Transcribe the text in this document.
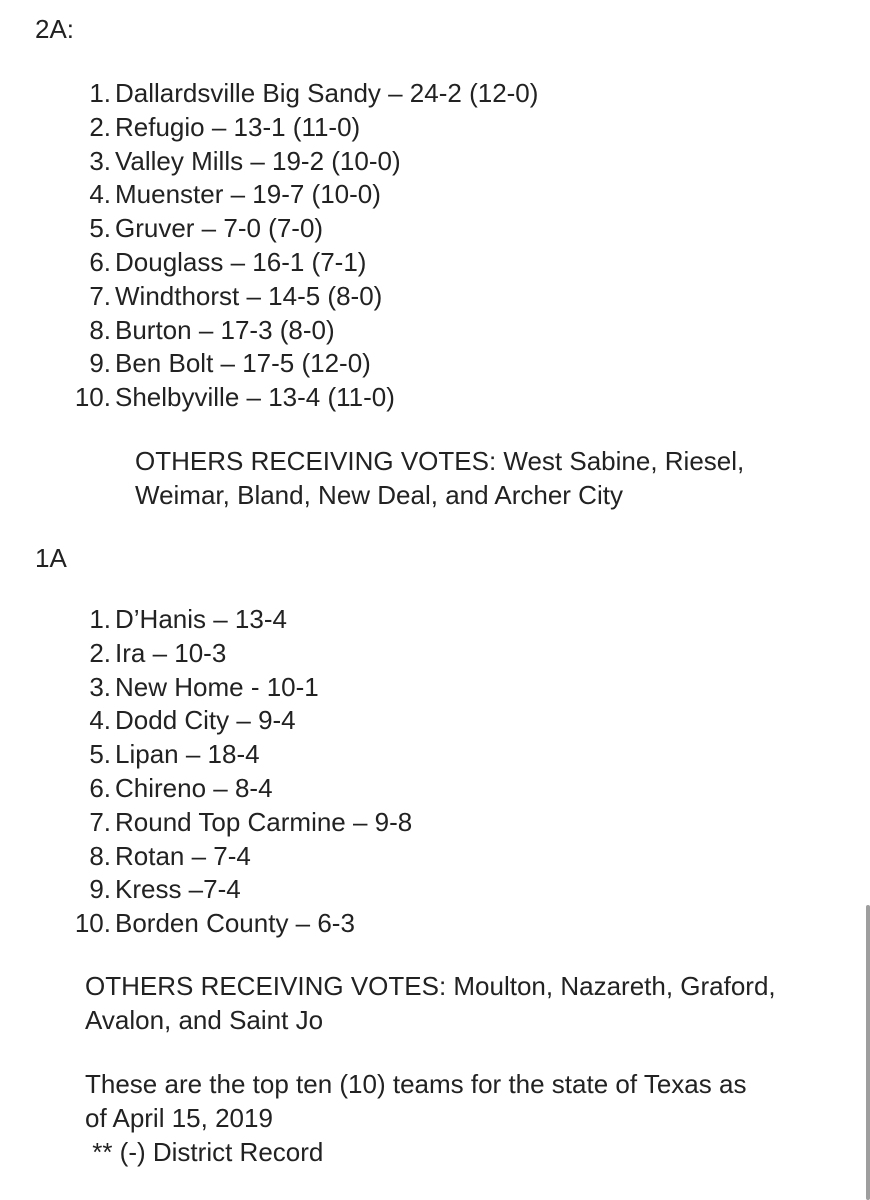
2A:
1. Dallardsville Big Sandy – 24-2 (12-0)
2. Refugio – 13-1 (11-0)
3. Valley Mills – 19-2 (10-0)
4. Muenster – 19-7 (10-0)
5. Gruver – 7-0 (7-0)
6. Douglass – 16-1 (7-1)
7. Windthorst – 14-5 (8-0)
8. Burton – 17-3 (8-0)
9. Ben Bolt – 17-5 (12-0)
10. Shelbyville – 13-4 (11-0)
OTHERS RECEIVING VOTES: West Sabine, Riesel,
Weimar, Bland, New Deal, and Archer City
1A
1. D’Hanis – 13-4
2. Ira – 10-3
3. New Home - 10-1
4. Dodd City – 9-4
5. Lipan – 18-4
6. Chireno – 8-4
7. Round Top Carmine – 9-8
8. Rotan – 7-4
9. Kress –7-4
10. Borden County – 6-3
OTHERS RECEIVING VOTES: Moulton, Nazareth, Graford,
Avalon, and Saint Jo
These are the top ten (10) teams for the state of Texas as
of April 15, 2019
** (-) District Record
